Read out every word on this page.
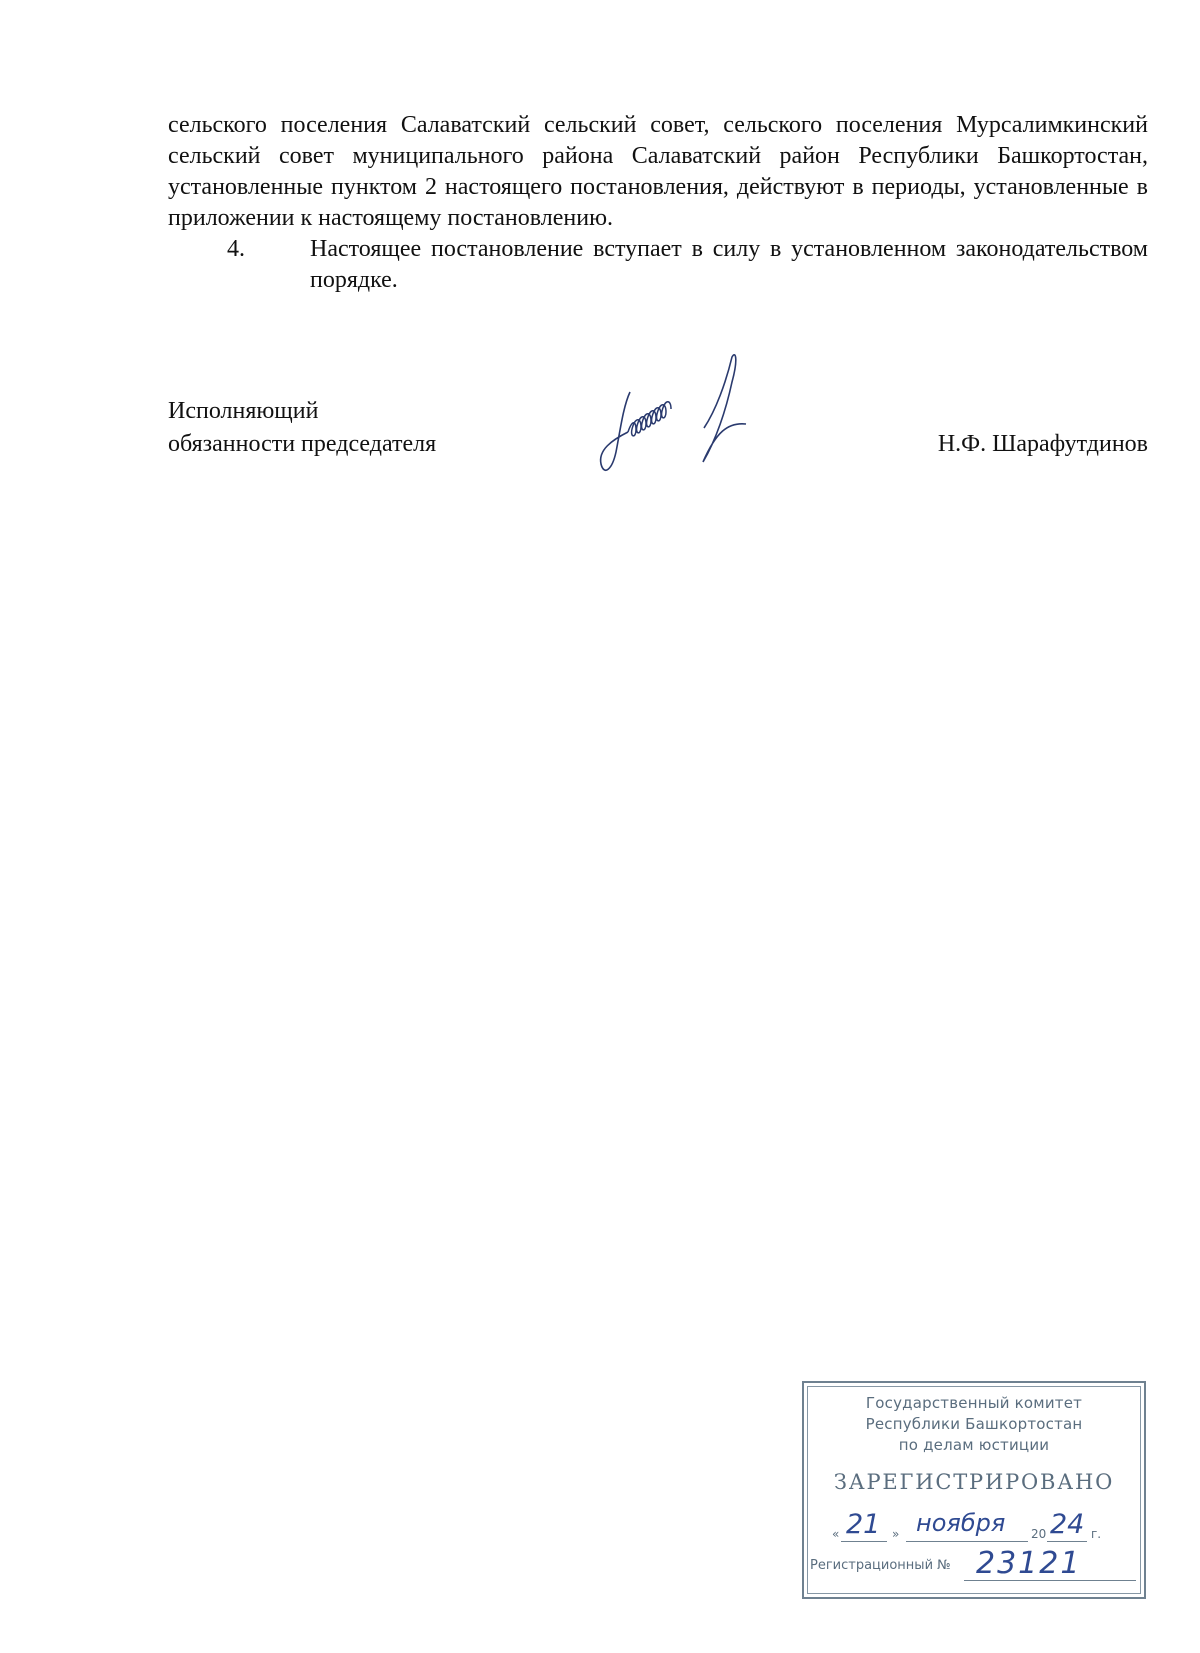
сельского поселения Салаватский сельский совет, сельского поселения Мурсалимкинский сельский совет муниципального района Салаватский район Республики Башкортостан, установленные пунктом 2 настоящего постановления, действуют в периоды, установленные в приложении к настоящему постановлению.

4.	Настоящее постановление вступает в силу в установленном законодательством порядке.

Исполняющий
обязанности председателя	Н.Ф. Шарафутдинов
Государственный комитет
Республики Башкортостан
по делам юстиции
ЗАРЕГИСТРИРОВАНО
« 21 » ноября 20 24 г.
Регистрационный № 23121
